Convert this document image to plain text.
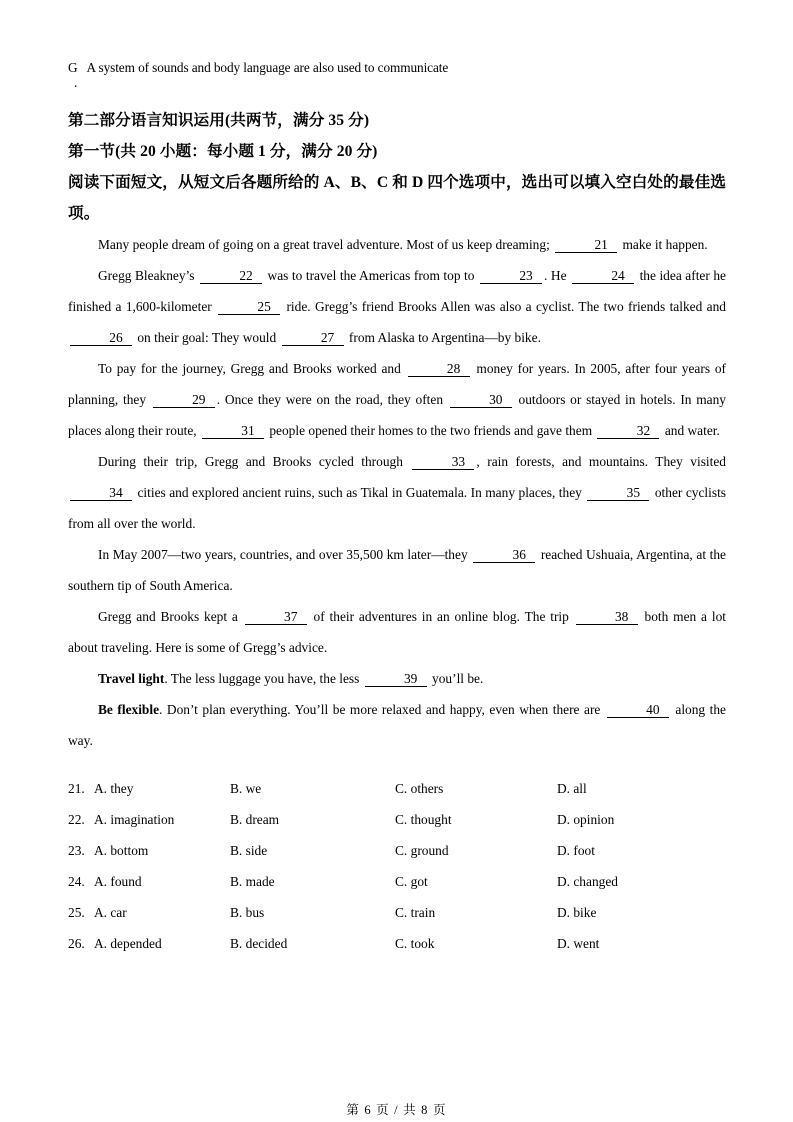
G A system of sounds and body language are also used to communicate
.
第二部分语言知识运用(共两节，满分 35 分)
第一节(共 20 小题：每小题 1 分，满分 20 分)
阅读下面短文，从短文后各题所给的 A、B、C 和 D 四个选项中，选出可以填入空白处的最佳选项。
Many people dream of going on a great travel adventure. Most of us keep dreaming;	21 make it happen.
Gregg Bleakney’s	22 was to travel the Americas from top to	23 . He	24 the idea after he finished a 1,600-kilometer	25 ride. Gregg’s friend Brooks Allen was also a cyclist. The two friends talked and 26 on their goal: They would	27 from Alaska to Argentina—by bike.
To pay for the journey, Gregg and Brooks worked and	28 money for years. In 2005, after four years of planning, they	29 . Once they were on the road, they often	30 outdoors or stayed in hotels. In many places along their route,	31 people opened their homes to the two friends and gave them	32 and water.
During their trip, Gregg and Brooks cycled through	33 , rain forests, and mountains. They visited 34 cities and explored ancient ruins, such as Tikal in Guatemala. In many places, they	35 other cyclists from all over the world.
In May 2007—two years, countries, and over 35,500 km later—they	36 reached Ushuaia, Argentina, at the southern tip of South America.
Gregg and Brooks kept a	37 of their adventures in an online blog. The trip	38 both men a lot about traveling. Here is some of Gregg’s advice.
Travel light. The less luggage you have, the less	39 you’ll be.
Be flexible. Don’t plan everything. You’ll be more relaxed and happy, even when there are	40 along the way.
21. A. they	B. we	C. others	D. all
22. A. imagination	B. dream	C. thought	D. opinion
23. A. bottom	B. side	C. ground	D. foot
24. A. found	B. made	C. got	D. changed
25. A. car	B. bus	C. train	D. bike
26. A. depended	B. decided	C. took	D. went
第 6 页 / 共 8 页
